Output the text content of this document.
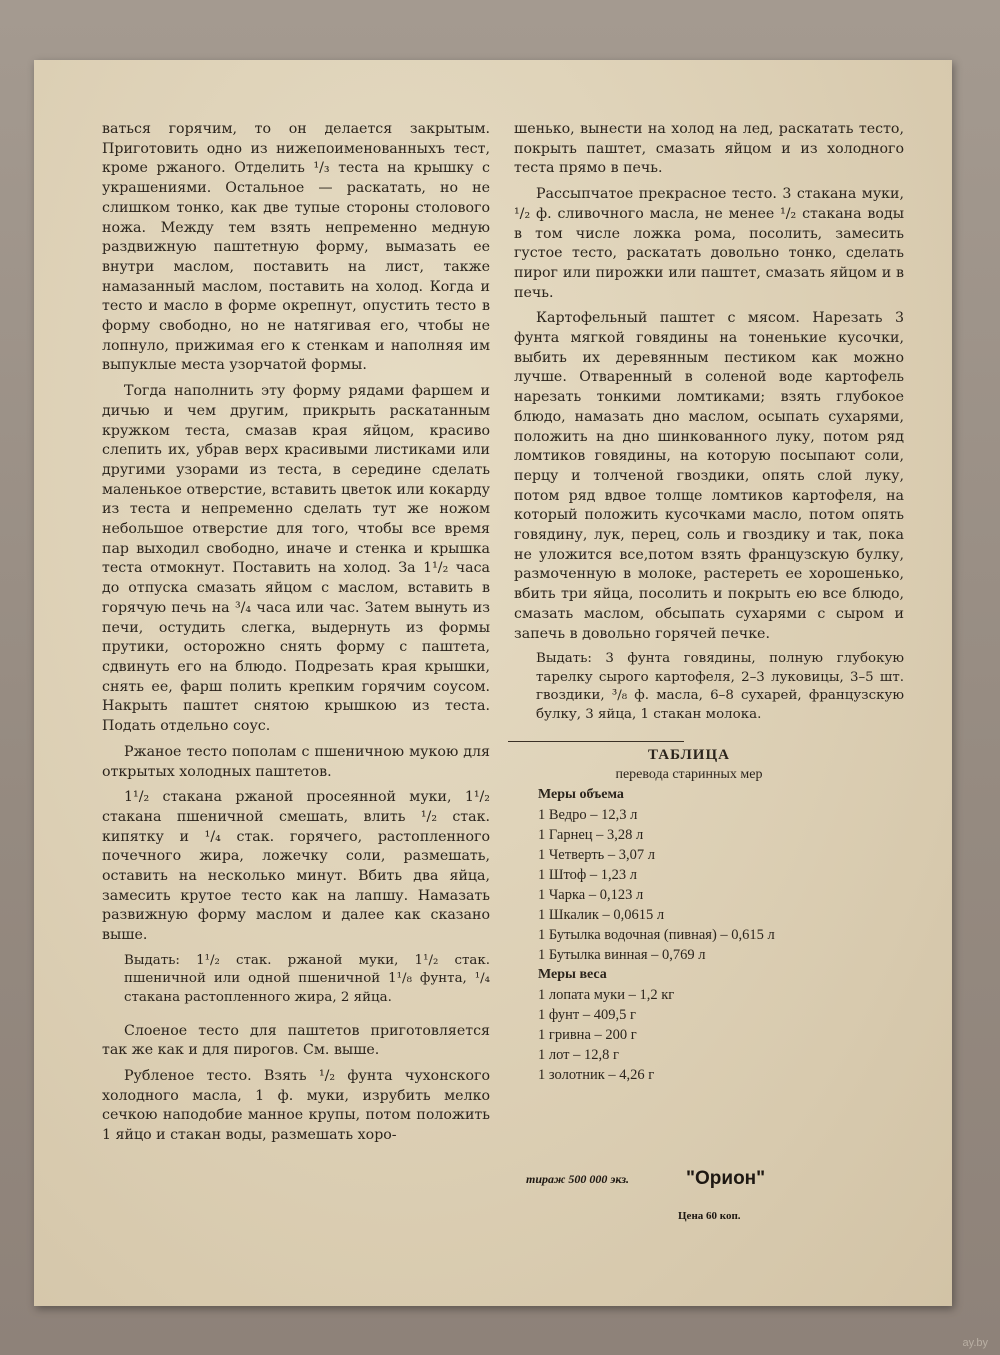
ваться горячим, то он делается закрытым. Приготовить одно из нижепоименованныхъ тест, кроме ржаного. Отделить ¹/₃ теста на крышку с украшениями. Остальное — раскатать, но не слишком тонко, как две тупые стороны столового ножа. Между тем взять непременно медную раздвижную паштетную форму, вымазать ее внутри маслом, поставить на лист, также намазанный маслом, поставить на холод. Когда и тесто и масло в форме окрепнут, опустить тесто в форму свободно, но не натягивая его, чтобы не лопнуло, прижимая его к стенкам и наполняя им выпуклые места узорчатой формы.

Тогда наполнить эту форму рядами фаршем и дичью и чем другим, прикрыть раскатанным кружком теста, смазав края яйцом, красиво слепить их, убрав верх красивыми листиками или другими узорами из теста, в середине сделать маленькое отверстие, вставить цветок или кокарду из теста и непременно сделать тут же ножом небольшое отверстие для того, чтобы все время пар выходил свободно, иначе и стенка и крышка теста отмокнут. Поставить на холод. За 1¹/₂ часа до отпуска смазать яйцом с маслом, вставить в горячую печь на ³/₄ часа или час. Затем вынуть из печи, остудить слегка, выдернуть из формы прутики, осторожно снять форму с паштета, сдвинуть его на блюдо. Подрезать края крышки, снять ее, фарш полить крепким горячим соусом. Накрыть паштет снятою крышкою из теста. Подать отдельно соус.

Ржаное тесто пополам с пшеничною мукою для открытых холодных паштетов.

1¹/₂ стакана ржаной просеянной муки, 1¹/₂ стакана пшеничной смешать, влить ¹/₂ стак. кипятку и ¹/₄ стак. горячего, растопленного почечного жира, ложечку соли, размешать, оставить на несколько минут. Вбить два яйца, замесить крутое тесто как на лапшу. Намазать развижную форму маслом и далее как сказано выше.

Выдать: 1¹/₂ стак. ржаной муки, 1¹/₂ стак. пшеничной или одной пшеничной 1¹/₈ фунта, ¹/₄ стакана растопленного жира, 2 яйца.

Слоеное тесто для паштетов приготовляется так же как и для пирогов. См. выше.

Рубленое тесто. Взять ¹/₂ фунта чухонского холодного масла, 1 ф. муки, изрубить мелко сечкою наподобие манное крупы, потом положить 1 яйцо и стакан воды, размешать хоро-

шенько, вынести на холод на лед, раскатать тесто, покрыть паштет, смазать яйцом и из холодного теста прямо в печь.

Рассыпчатое прекрасное тесто. 3 стакана муки, ¹/₂ ф. сливочного масла, не менее ¹/₂ стакана воды в том числе ложка рома, посолить, замесить густое тесто, раскатать довольно тонко, сделать пирог или пирожки или паштет, смазать яйцом и в печь.

Картофельный паштет с мясом. Нарезать 3 фунта мягкой говядины на тоненькие кусочки, выбить их деревянным пестиком как можно лучше. Отваренный в соленой воде картофель нарезать тонкими ломтиками; взять глубокое блюдо, намазать дно маслом, осыпать сухарями, положить на дно шинкованного луку, потом ряд ломтиков говядины, на которую посыпают соли, перцу и толченой гвоздики, опять слой луку, потом ряд вдвое толще ломтиков картофеля, на который положить кусочками масло, потом опять говядину, лук, перец, соль и гвоздику и так, пока не уложится все,потом взять французскую булку, размоченную в молоке, растереть ее хорошенько, вбить три яйца, посолить и покрыть ею все блюдо, смазать маслом, обсыпать сухарями с сыром и запечь в довольно горячей печке.

Выдать: 3 фунта говядины, полную глубокую тарелку сырого картофеля, 2–3 луковицы, 3–5 шт. гвоздики, ³/₈ ф. масла, 6–8 сухарей, французскую булку, 3 яйца, 1 стакан молока.

ТАБЛИЦА
перевода старинных мер
Меры объема
1 Ведро – 12,3 л
1 Гарнец – 3,28 л
1 Четверть – 3,07 л
1 Штоф – 1,23 л
1 Чарка – 0,123 л
1 Шкалик – 0,0615 л
1 Бутылка водочная (пивная) – 0,615 л
1 Бутылка винная – 0,769 л
Меры веса
1 лопата муки – 1,2 кг
1 фунт – 409,5 г
1 гривна – 200 г
1 лот – 12,8 г
1 золотник – 4,26 г
тираж 500 000 экз.	"Орион"
Цена 60 коп.
ay.by
